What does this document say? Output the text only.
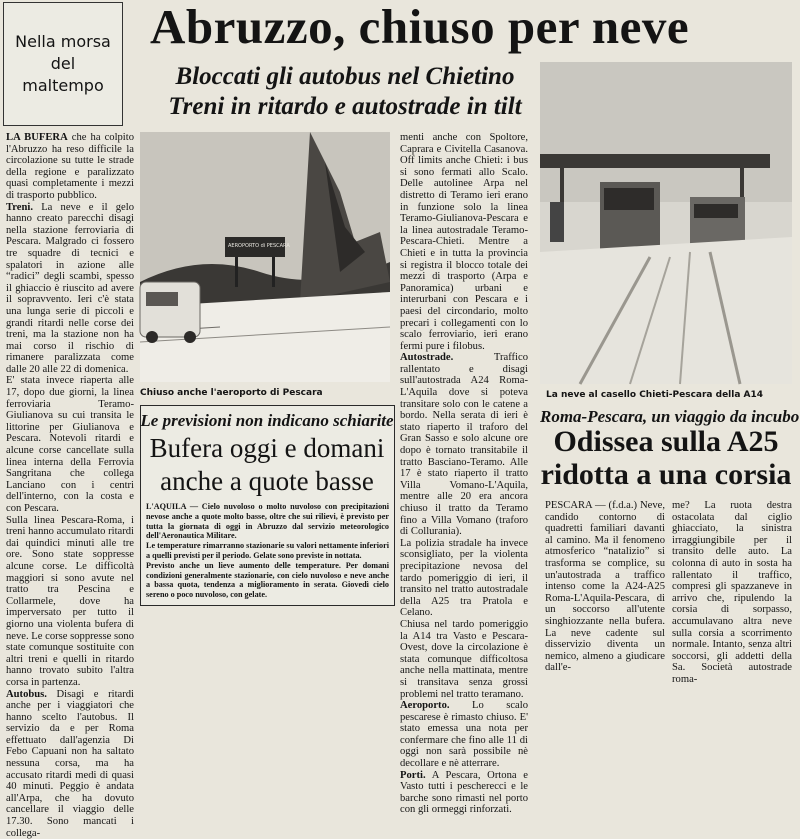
Abruzzo, chiuso per neve
Nella morsa
del
maltempo	Bloccati gli autobus nel Chietino
Treni in ritardo e autostrade in tilt
LA BUFERA che ha colpito l'Abruzzo ha reso difficile la circolazione su tutte le strade della regione e paralizzato quasi completamente i mezzi di trasporto pubblico.
Treni. La neve e il gelo hanno creato parecchi disagi nella stazione ferroviaria di Pescara. Malgrado ci fossero tre squadre di tecnici e spalatori in azione alle “radici” degli scambi, spesso il ghiaccio è riuscito ad avere il sopravvento. Ieri c'è stata una lunga serie di piccoli e grandi ritardi nelle corse dei treni, ma la stazione non ha mai corso il rischio di rimanere paralizzata come dalle 20 alle 22 di domenica.
E' stata invece riaperta alle 17, dopo due giorni, la linea ferroviaria Teramo-Giulianova su cui transita le littorine per Giulianova e Pescara. Notevoli ritardi e alcune corse cancellate sulla linea interna della Ferrovia Sangritana che collega Lanciano con i centri dell'interno, con la costa e con Pescara.
Sulla linea Pescara-Roma, i treni hanno accumulato ritardi dai quindici minuti alle tre ore. Sono state soppresse alcune corse. Le difficoltà maggiori si sono avute nel tratto tra Pescina e Collarmele, dove ha imperversato per tutto il giorno una violenta bufera di neve. Le corse soppresse sono state comunque sostituite con altri treni e quelli in ritardo hanno trovato subito l'altra corsa in partenza.
Autobus. Disagi e ritardi anche per i viaggiatori che hanno scelto l'autobus. Il servizio da e per Roma effettuato dall'agenzia Di Febo Capuani non ha saltato nessuna corsa, ma ha accusato ritardi medi di quasi 40 minuti. Peggio è andata all'Arpa, che ha dovuto cancellare il viaggio delle 17.30. Sono mancati i collega-
AEROPORTO di PESCARA
Chiuso anche l'aeroporto di Pescara
menti anche con Spoltore, Caprara e Civitella Casanova. Off limits anche Chieti: i bus si sono fermati allo Scalo. Delle autolinee Arpa nel distretto di Teramo ieri erano in funzione solo la linea Teramo-Giulianova-Pescara e la linea autostradale Teramo-Pescara-Chieti. Mentre a Chieti e in tutta la provincia si registra il blocco totale dei mezzi di trasporto (Arpa e Panoramica) urbani e interurbani con Pescara e i paesi del circondario, molto precari i collegamenti con lo scalo ferroviario, ieri erano fermi pure i filobus.
Autostrade.	Traffico rallentato e disagi sull'autostrada A24 Roma-L'Aquila dove si poteva transitare solo con le catene a bordo. Nella serata di ieri è stato riaperto il traforo del Gran Sasso e solo alcune ore dopo è tornato transitabile il tratto Basciano-Teramo. Alle 17 è stato riaperto il tratto Villa Vomano-L'Aquila, mentre alle 20 era ancora chiuso il tratto da Teramo fino a Villa Vomano (traforo di Collurania).
La polizia stradale ha invece sconsigliato, per la violenta precipitazione nevosa del tardo pomeriggio di ieri, il transito nel tratto autostradale della A25 tra Pratola e Celano.
Chiusa nel tardo pomeriggio la A14 tra Vasto e Pescara-Ovest, dove la circolazione è stata comunque difficoltosa anche nella mattinata, mentre si transitava senza grossi problemi nel tratto teramano.
Aeroporto. Lo scalo pescarese è rimasto chiuso. E' stato emessa una nota per confermare che fino alle 11 di oggi non sarà possibile nè decollare e nè atterrare.
Porti. A Pescara, Ortona e Vasto tutti i pescherecci e le barche sono rimasti nel porto con gli ormeggi rinforzati.
La neve al casello Chieti-Pescara della A14
Le previsioni non indicano schiarite
Bufera oggi e domani
anche a quote basse
L'AQUILA — Cielo nuvoloso o molto nuvoloso con precipitazioni nevose anche a quote molto basse, oltre che sui rilievi, è previsto per tutta la giornata di oggi in Abruzzo dal servizio meteorologico dell'Aeronautica Militare.
Le temperature rimarranno stazionarie su valori nettamente inferiori a quelli previsti per il periodo. Gelate sono previste in nottata.
Previsto anche un lieve aumento delle temperature. Per domani condizioni generalmente stazionarie, con cielo nuvoloso e neve anche a bassa quota, tendenza a miglioramento in serata. Giovedì cielo sereno o poco nuvoloso, con gelate.
Roma-Pescara, un viaggio da incubo
Odissea sulla A25
ridotta a una corsia
PESCARA — (f.d.a.) Neve, candido contorno di quadretti familiari davanti al camino. Ma il fenomeno atmosferico “natalizio” si trasforma se complice, su un'autostrada a traffico intenso come la A24-A25 Roma-L'Aquila-Pescara, di un soccorso all'utente singhiozzante nella bufera. La neve cadente sul disservizio diventa un nemico, almeno a giudicare dall'e-
me? La ruota destra ostacolata dal ciglio ghiacciato, la sinistra irraggiungibile per il transito delle auto. La colonna di auto in sosta ha rallentato il traffico, compresi gli spazzaneve in arrivo che, ripulendo la corsia di sorpasso, accumulavano altra neve sulla corsia a scorrimento normale. Intanto, senza altri soccorsi, gli addetti della Sa. Società autostrade roma-
